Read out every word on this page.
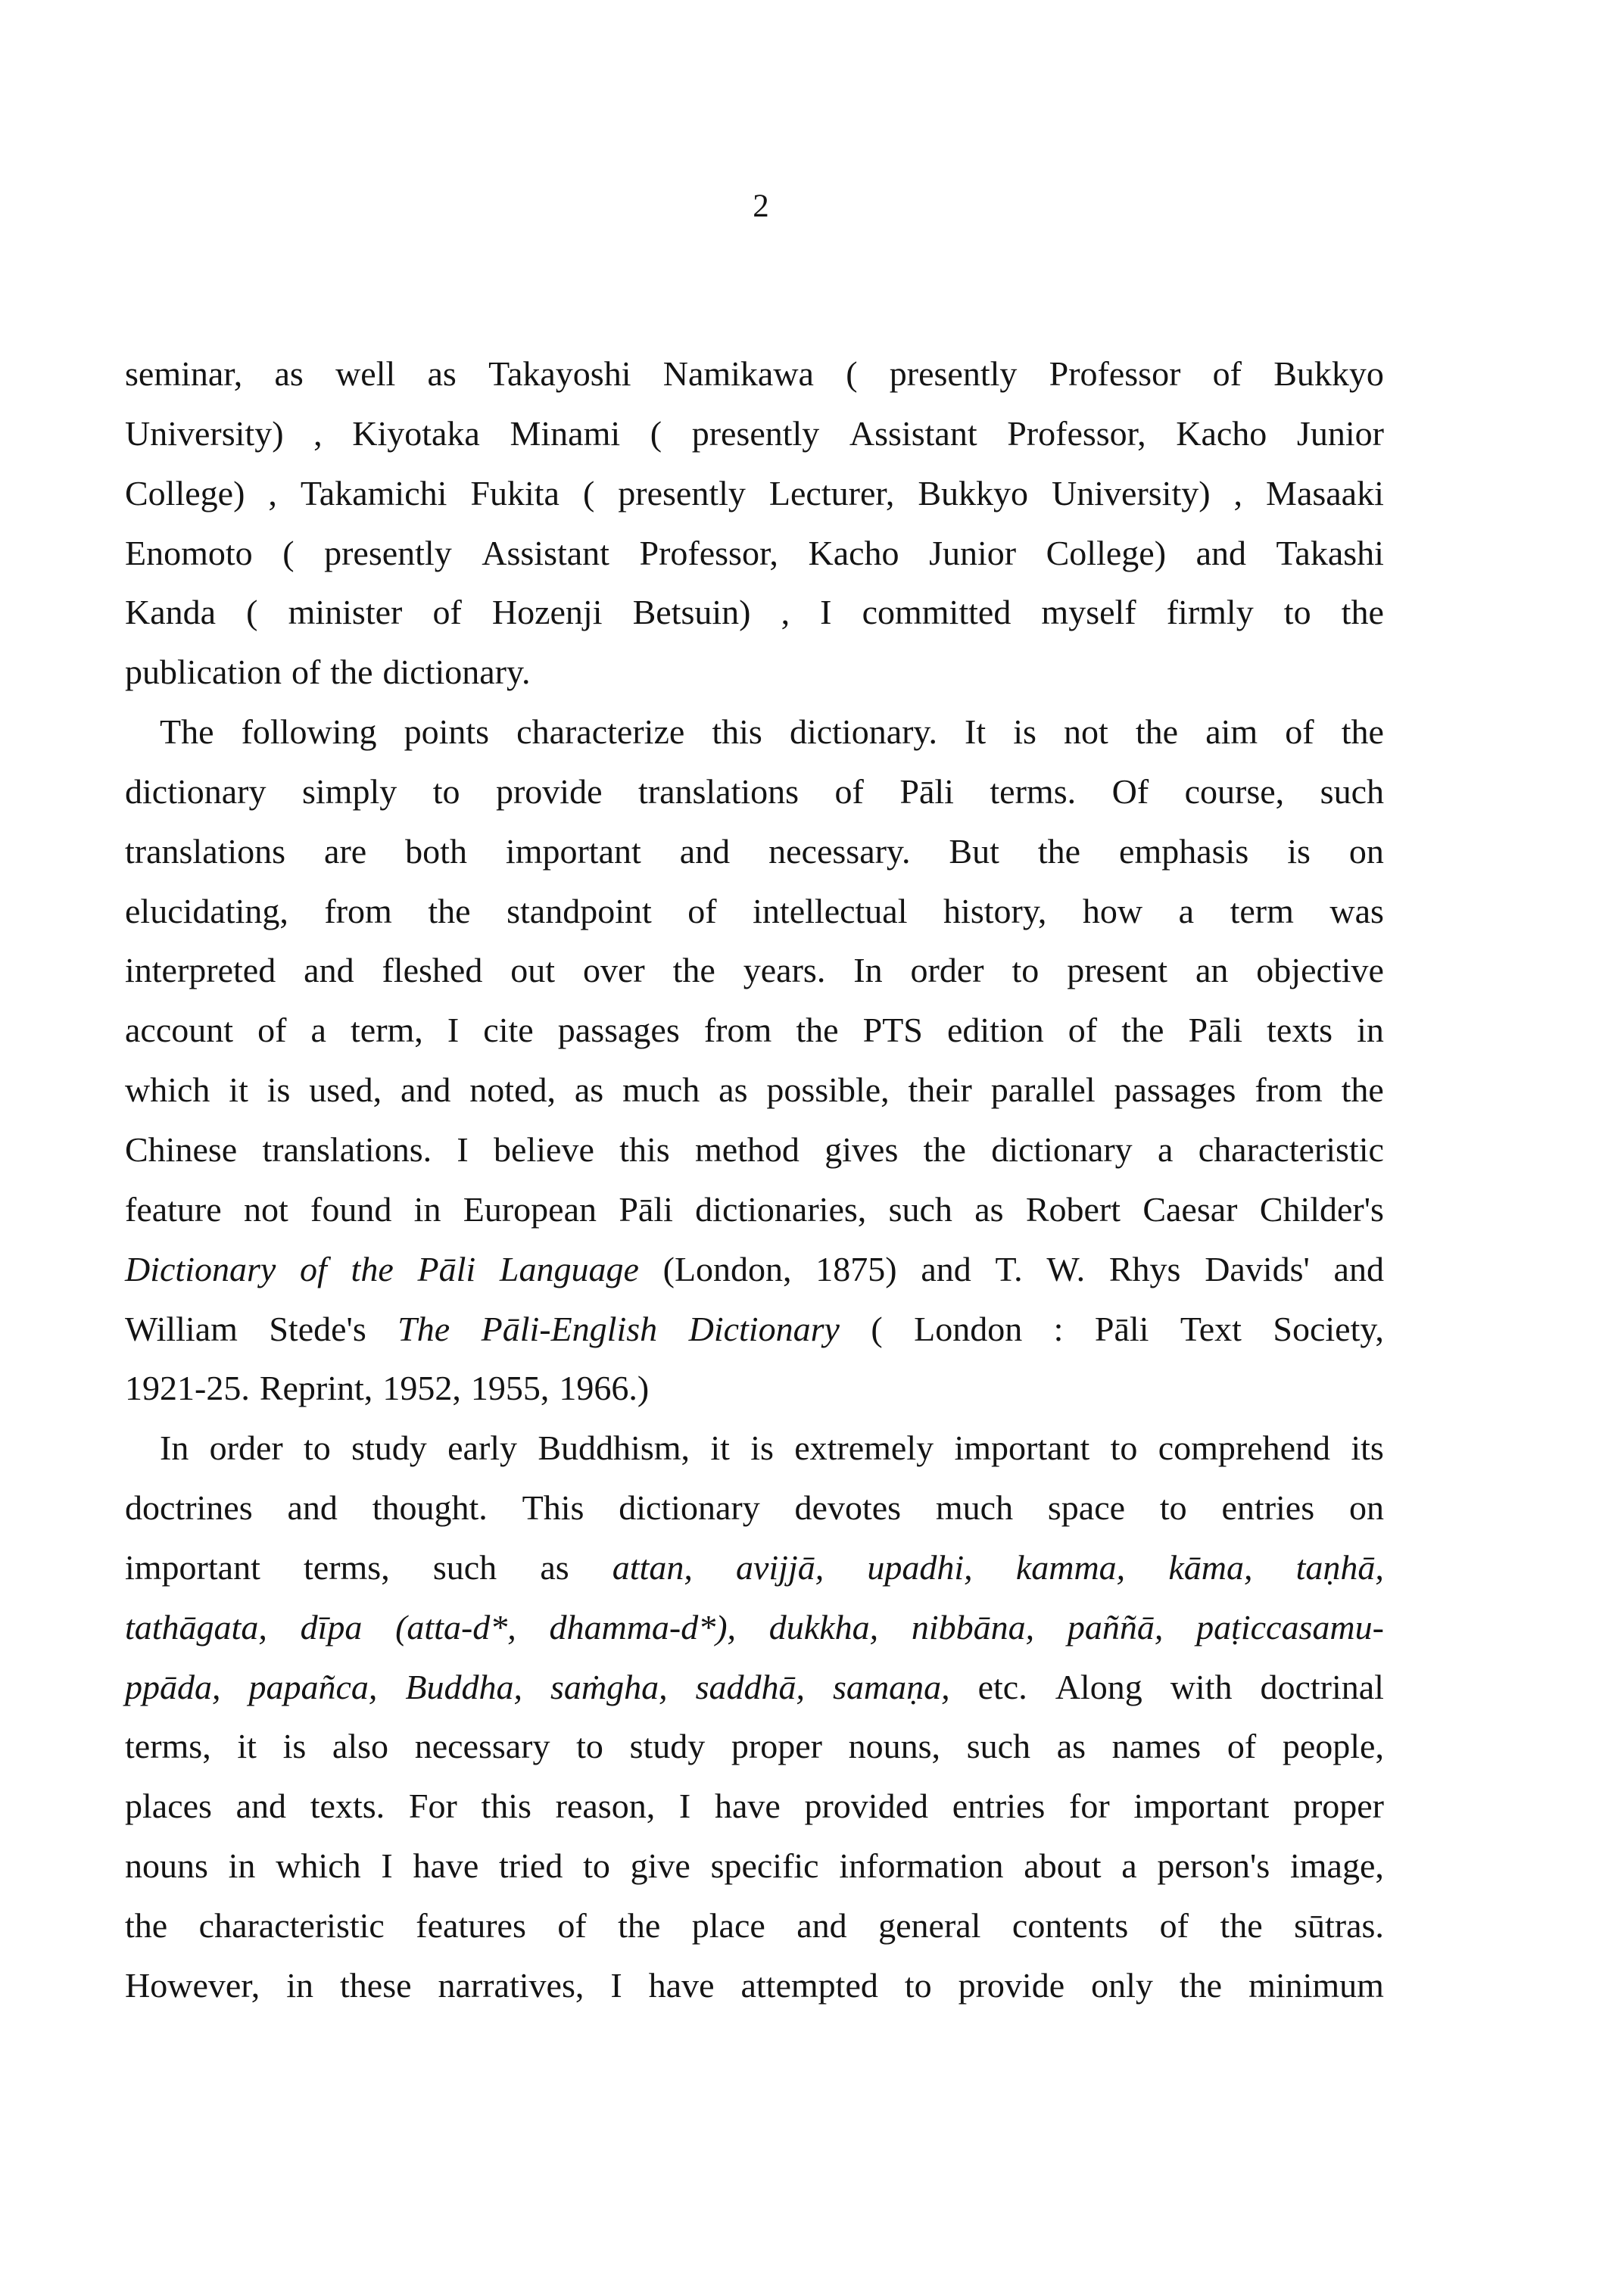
2
seminar, as well as Takayoshi Namikawa ( presently Professor of Bukkyo
University) , Kiyotaka Minami ( presently Assistant Professor, Kacho Junior
College) , Takamichi Fukita ( presently Lecturer, Bukkyo University) , Masaaki
Enomoto ( presently Assistant Professor, Kacho Junior College) and Takashi
Kanda ( minister of Hozenji Betsuin) , I committed myself firmly to the
publication of the dictionary.
The following points characterize this dictionary. It is not the aim of the
dictionary simply to provide translations of Pāli terms. Of course, such
translations are both important and necessary. But the emphasis is on
elucidating, from the standpoint of intellectual history, how a term was
interpreted and fleshed out over the years. In order to present an objective
account of a term, I cite passages from the PTS edition of the Pāli texts in
which it is used, and noted, as much as possible, their parallel passages from the
Chinese translations. I believe this method gives the dictionary a characteristic
feature not found in European Pāli dictionaries, such as Robert Caesar Childer's
Dictionary of the Pāli Language (London, 1875) and T. W. Rhys Davids' and
William Stede's The Pāli-English Dictionary ( London : Pāli Text Society,
1921-25. Reprint, 1952, 1955, 1966.)
In order to study early Buddhism, it is extremely important to comprehend its
doctrines and thought. This dictionary devotes much space to entries on
important terms, such as attan, avijjā, upadhi, kamma, kāma, taṇhā,
tathāgata, dīpa (atta-d*, dhamma-d*), dukkha, nibbāna, paññā, paṭiccasamu-
ppāda, papañca, Buddha, saṁgha, saddhā, samaṇa, etc. Along with doctrinal
terms, it is also necessary to study proper nouns, such as names of people,
places and texts. For this reason, I have provided entries for important proper
nouns in which I have tried to give specific information about a person's image,
the characteristic features of the place and general contents of the sūtras.
However, in these narratives, I have attempted to provide only the minimum
